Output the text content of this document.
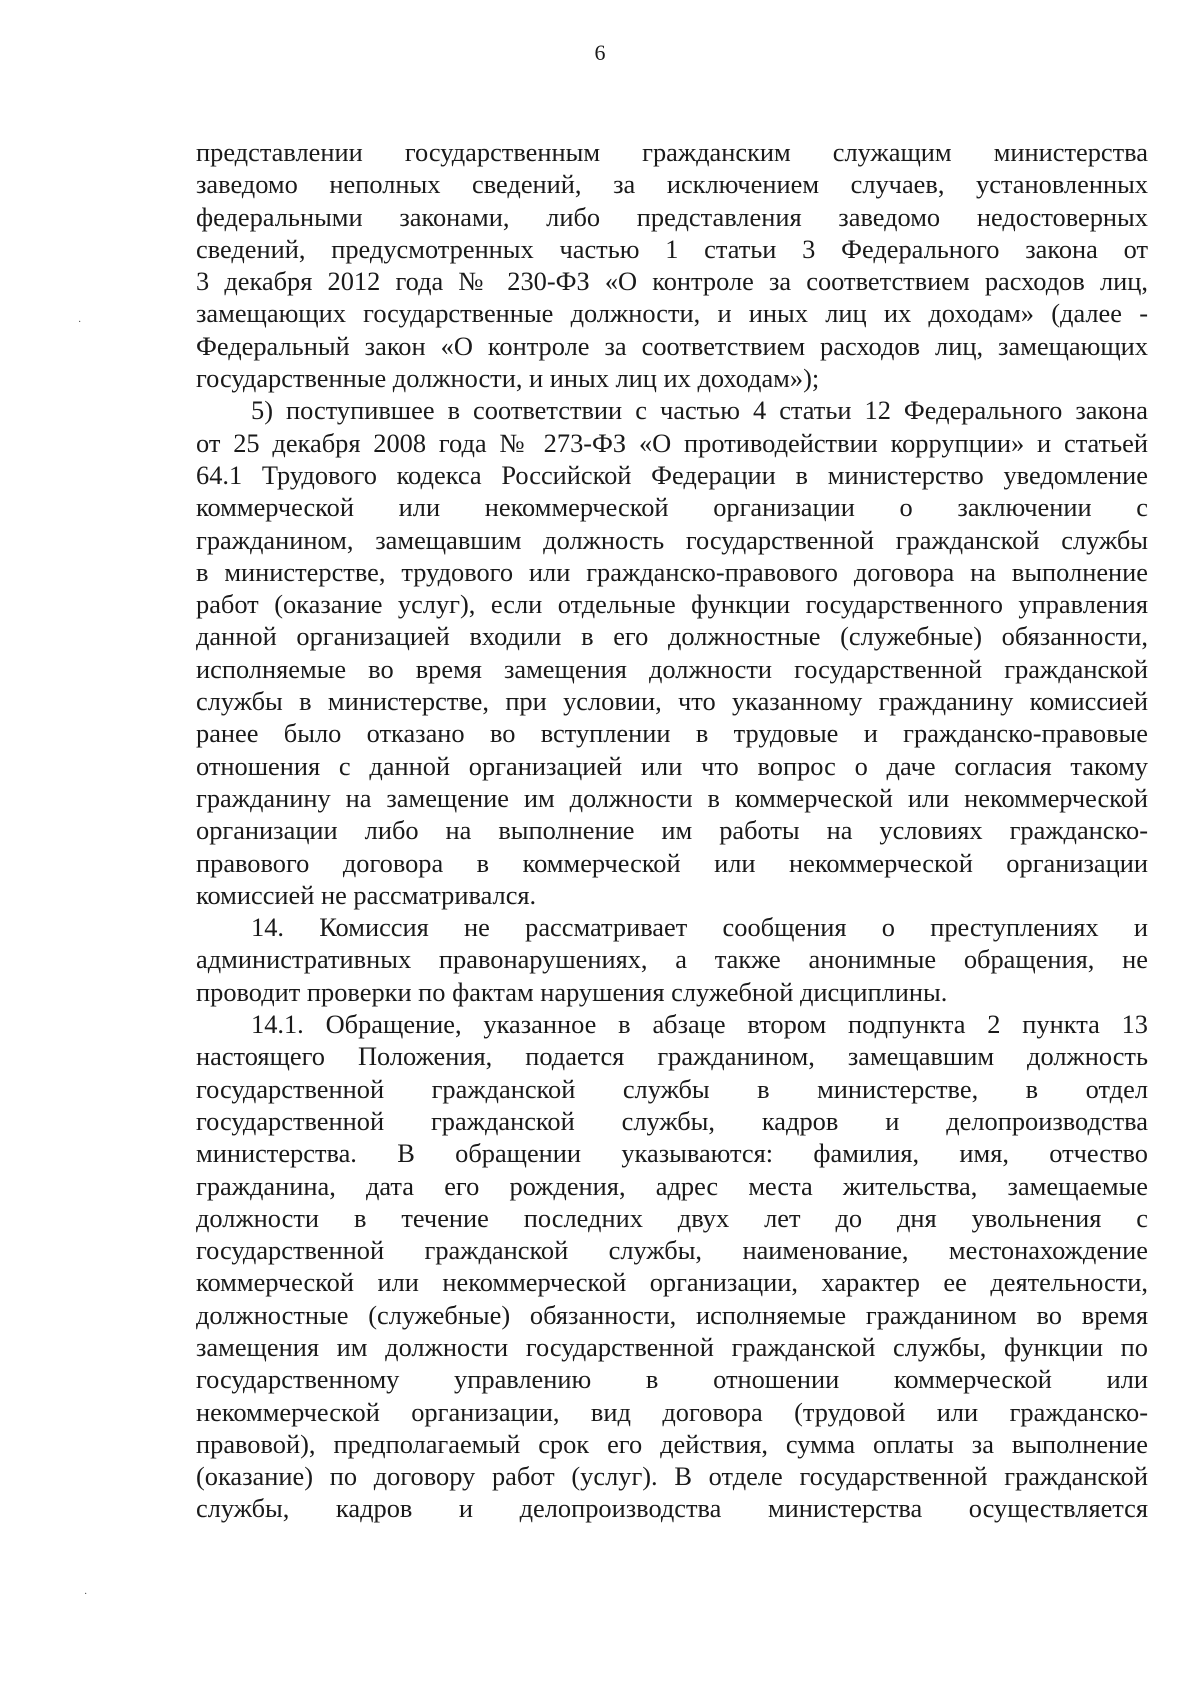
6
представлении государственным гражданским служащим министерства
заведомо неполных сведений, за исключением случаев, установленных
федеральными законами, либо представления заведомо недостоверных
сведений, предусмотренных частью 1 статьи 3 Федерального закона от
3 декабря 2012 года № 230-ФЗ «О контроле за соответствием расходов лиц,
замещающих государственные должности, и иных лиц их доходам» (далее -
Федеральный закон «О контроле за соответствием расходов лиц, замещающих
государственные должности, и иных лиц их доходам»);
5) поступившее в соответствии с частью 4 статьи 12 Федерального закона
от 25 декабря 2008 года № 273-ФЗ «О противодействии коррупции» и статьей
64.1 Трудового кодекса Российской Федерации в министерство уведомление
коммерческой или некоммерческой организации о заключении с
гражданином, замещавшим должность государственной гражданской службы
в министерстве, трудового или гражданско-правового договора на выполнение
работ (оказание услуг), если отдельные функции государственного управления
данной организацией входили в его должностные (служебные) обязанности,
исполняемые во время замещения должности государственной гражданской
службы в министерстве, при условии, что указанному гражданину комиссией
ранее было отказано во вступлении в трудовые и гражданско-правовые
отношения с данной организацией или что вопрос о даче согласия такому
гражданину на замещение им должности в коммерческой или некоммерческой
организации либо на выполнение им работы на условиях гражданско-
правового договора в коммерческой или некоммерческой организации
комиссией не рассматривался.
14. Комиссия не рассматривает сообщения о преступлениях и
административных правонарушениях, а также анонимные обращения, не
проводит проверки по фактам нарушения служебной дисциплины.
14.1. Обращение, указанное в абзаце втором подпункта 2 пункта 13
настоящего Положения, подается гражданином, замещавшим должность
государственной гражданской службы в министерстве, в отдел
государственной гражданской службы, кадров и делопроизводства
министерства. В обращении указываются: фамилия, имя, отчество
гражданина, дата его рождения, адрес места жительства, замещаемые
должности в течение последних двух лет до дня увольнения с
государственной гражданской службы, наименование, местонахождение
коммерческой или некоммерческой организации, характер ее деятельности,
должностные (служебные) обязанности, исполняемые гражданином во время
замещения им должности государственной гражданской службы, функции по
государственному управлению в отношении коммерческой или
некоммерческой организации, вид договора (трудовой или гражданско-
правовой), предполагаемый срок его действия, сумма оплаты за выполнение
(оказание) по договору работ (услуг). В отделе государственной гражданской
службы, кадров и делопроизводства министерства осуществляется
·
·
